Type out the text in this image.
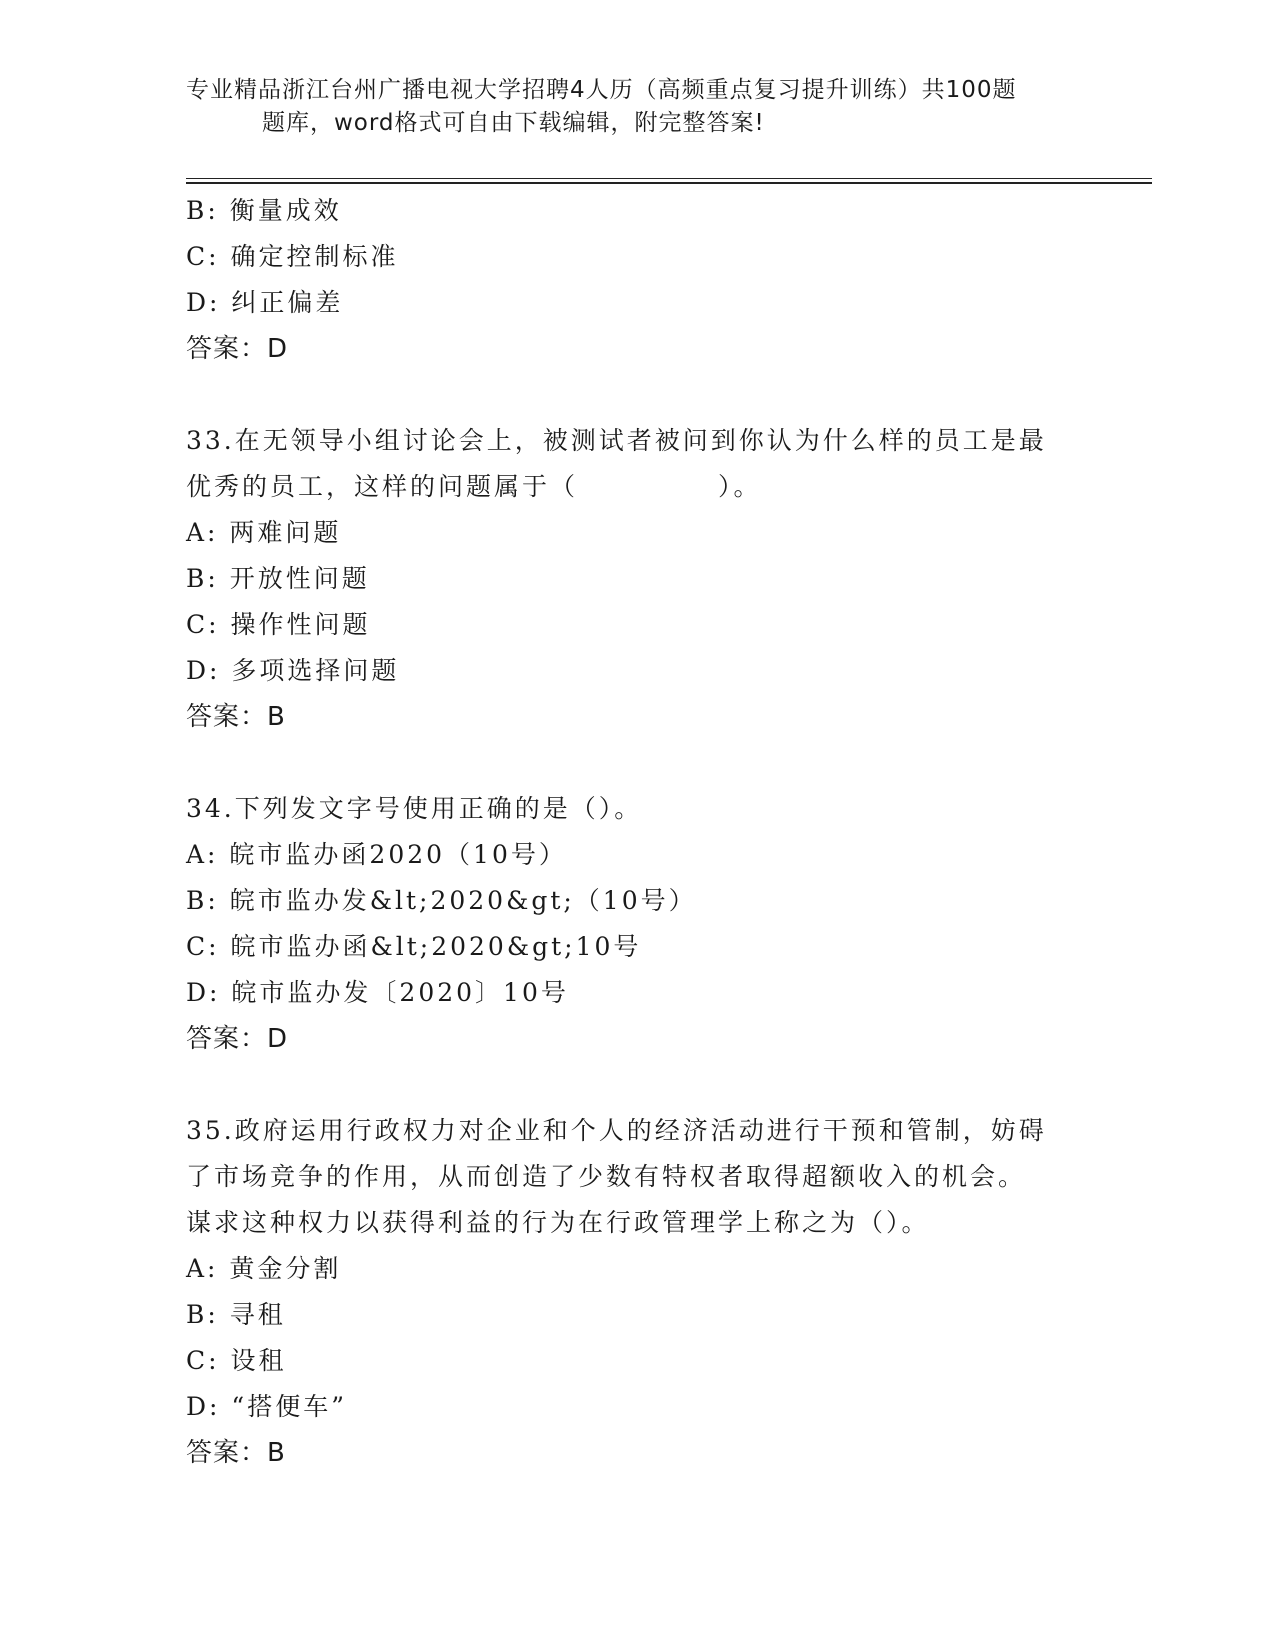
专业精品浙江台州广播电视大学招聘4人历（高频重点复习提升训练）共100题
题库，word格式可自由下载编辑，附完整答案!
B: 衡量成效
C: 确定控制标准
D: 纠正偏差
答案：D
33.在无领导小组讨论会上，被测试者被问到你认为什么样的员工是最
优秀的员工，这样的问题属于（　　　　　）。
A: 两难问题
B: 开放性问题
C: 操作性问题
D: 多项选择问题
答案：B
34.下列发文字号使用正确的是（）。
A: 皖市监办函2020（10号）
B: 皖市监办发&lt;2020&gt;（10号）
C: 皖市监办函&lt;2020&gt;10号
D: 皖市监办发〔2020〕10号
答案：D
35.政府运用行政权力对企业和个人的经济活动进行干预和管制，妨碍
了市场竞争的作用，从而创造了少数有特权者取得超额收入的机会。
谋求这种权力以获得利益的行为在行政管理学上称之为（）。
A: 黄金分割
B: 寻租
C: 设租
D: “搭便车”
答案：B
